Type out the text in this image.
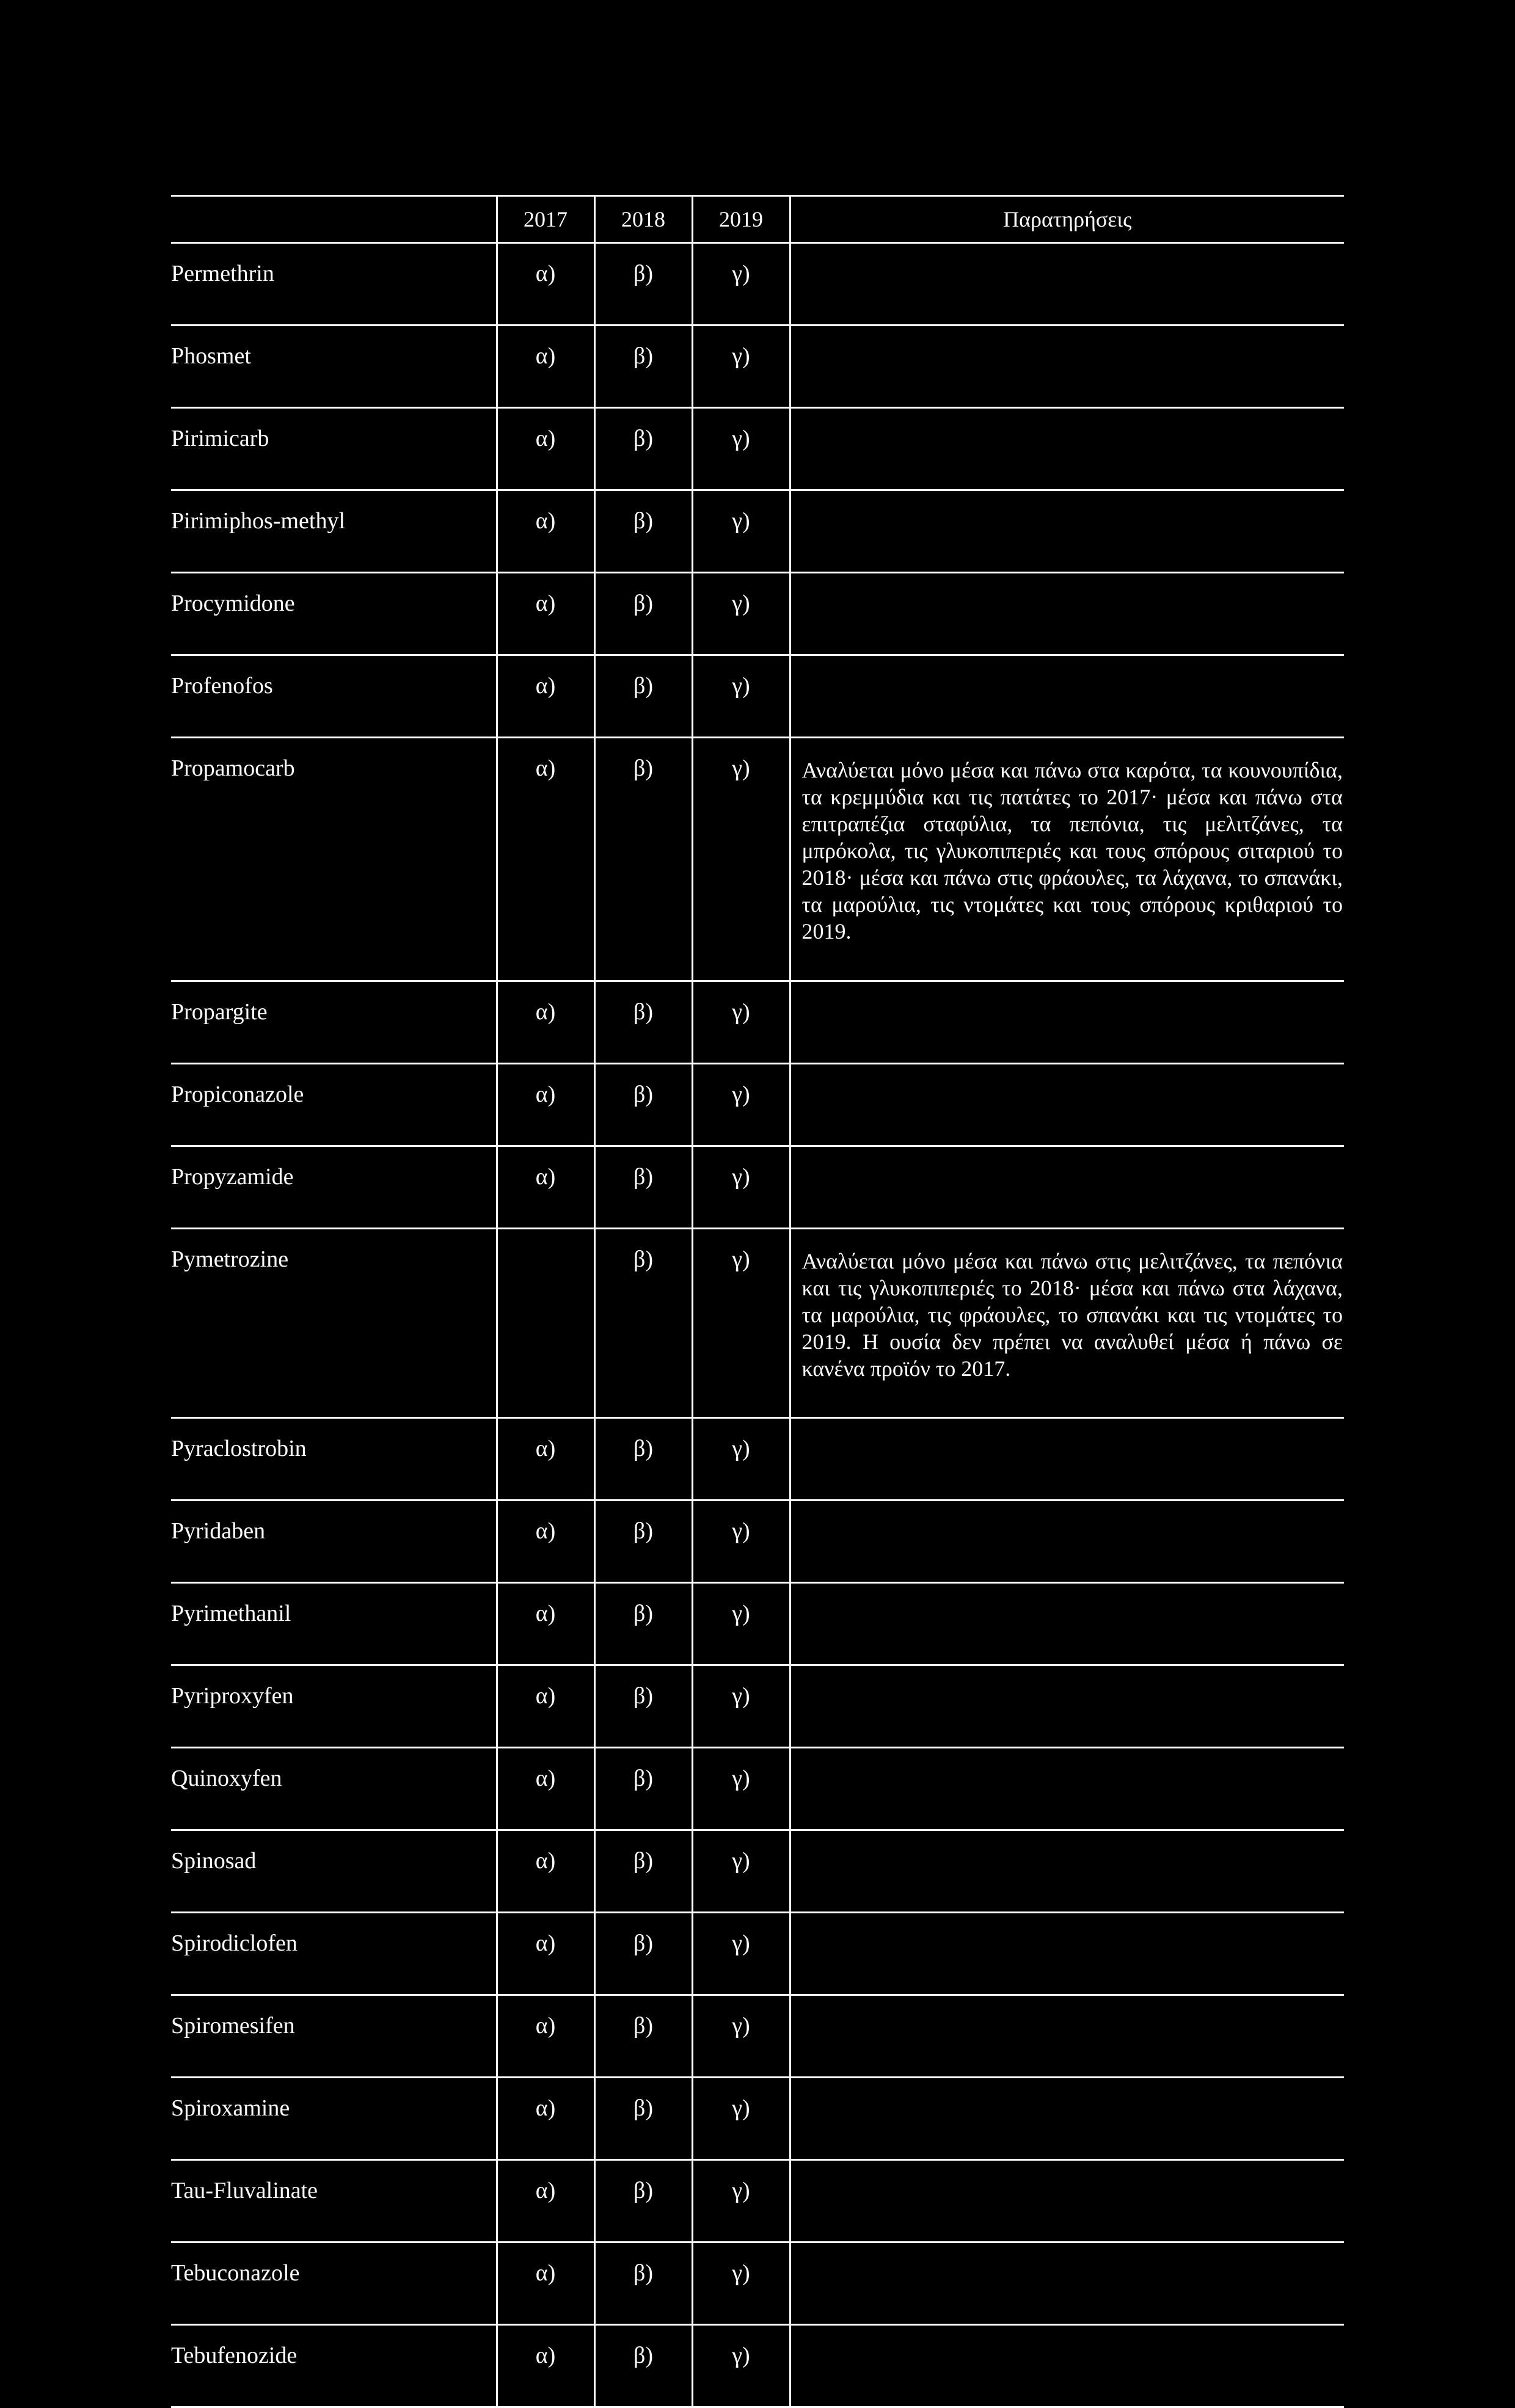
	2017	2018	2019	Παρατηρήσεις
Permethrin	α)	β)	γ)	
Phosmet	α)	β)	γ)	
Pirimicarb	α)	β)	γ)	
Pirimiphos-methyl	α)	β)	γ)	
Procymidone	α)	β)	γ)	
Profenofos	α)	β)	γ)	
Propamocarb	α)	β)	γ)	Αναλύεται μόνο μέσα και πάνω στα καρότα, τα κουνουπίδια, τα κρεμμύδια και τις πατάτες το 2017· μέσα και πάνω στα επιτραπέζια σταφύλια, τα πεπόνια, τις μελιτζάνες, τα μπρόκολα, τις γλυκοπιπεριές και τους σπόρους σιταριού το 2018· μέσα και πάνω στις φράουλες, τα λάχανα, το σπανάκι, τα μαρούλια, τις ντομάτες και τους σπόρους κριθαριού το 2019.
Propargite	α)	β)	γ)	
Propiconazole	α)	β)	γ)	
Propyzamide	α)	β)	γ)	
Pymetrozine		β)	γ)	Αναλύεται μόνο μέσα και πάνω στις μελιτζάνες, τα πεπόνια και τις γλυκοπιπεριές το 2018· μέσα και πάνω στα λάχανα, τα μαρούλια, τις φράουλες, το σπανάκι και τις ντομάτες το 2019. Η ουσία δεν πρέπει να αναλυθεί μέσα ή πάνω σε κανένα προϊόν το 2017.
Pyraclostrobin	α)	β)	γ)	
Pyridaben	α)	β)	γ)	
Pyrimethanil	α)	β)	γ)	
Pyriproxyfen	α)	β)	γ)	
Quinoxyfen	α)	β)	γ)	
Spinosad	α)	β)	γ)	
Spirodiclofen	α)	β)	γ)	
Spiromesifen	α)	β)	γ)	
Spiroxamine	α)	β)	γ)	
Tau-Fluvalinate	α)	β)	γ)	
Tebuconazole	α)	β)	γ)	
Tebufenozide	α)	β)	γ)	
